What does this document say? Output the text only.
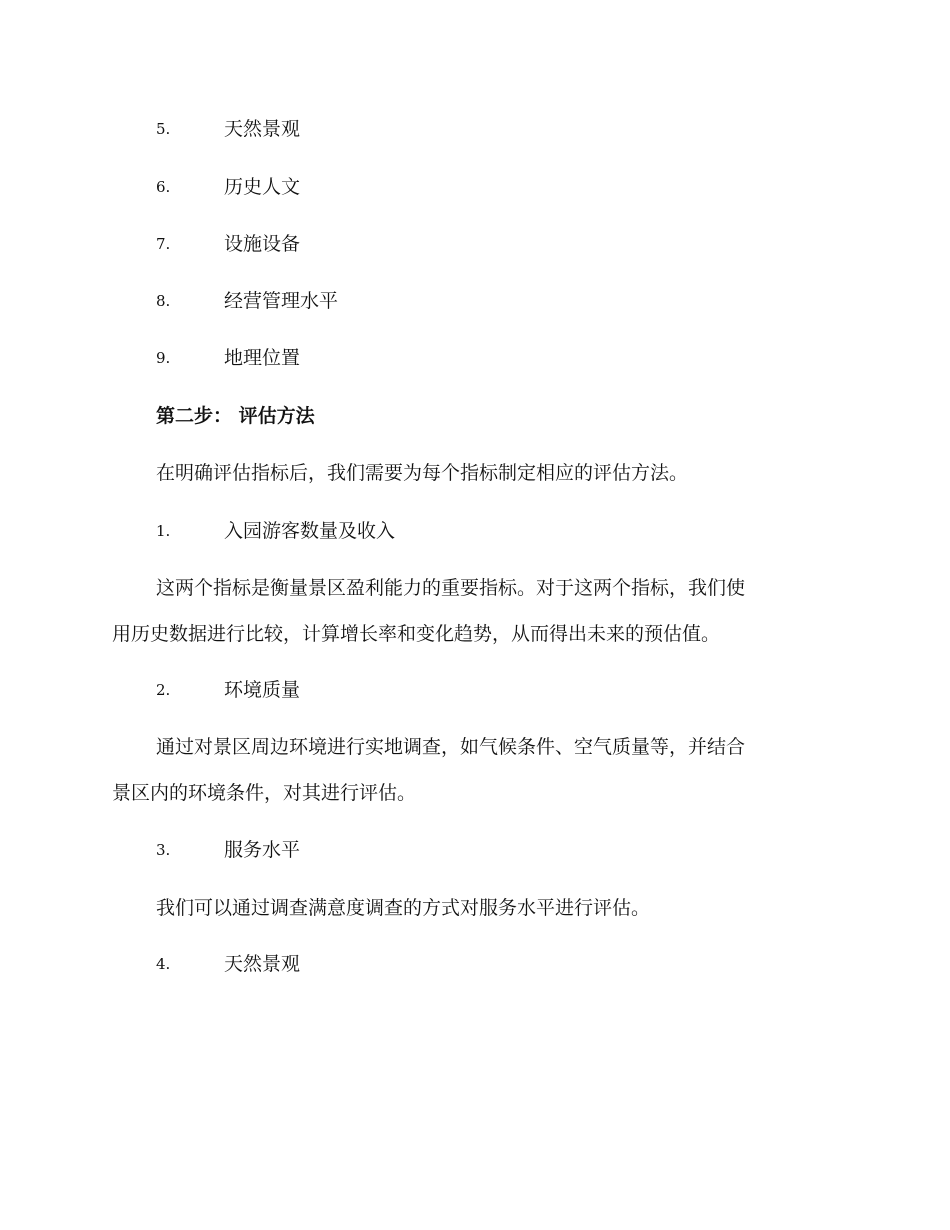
5.	天然景观
6.	历史人文
7.	设施设备
8.	经营管理水平
9.	地理位置
第二步： 评估方法
在明确评估指标后，我们需要为每个指标制定相应的评估方法。
1.	入园游客数量及收入
这两个指标是衡量景区盈利能力的重要指标。对于这两个指标，我们使
用历史数据进行比较，计算增长率和变化趋势，从而得出未来的预估值。
2.	环境质量
通过对景区周边环境进行实地调查，如气候条件、空气质量等，并结合
景区内的环境条件，对其进行评估。
3.	服务水平
我们可以通过调查满意度调查的方式对服务水平进行评估。
4.	天然景观
